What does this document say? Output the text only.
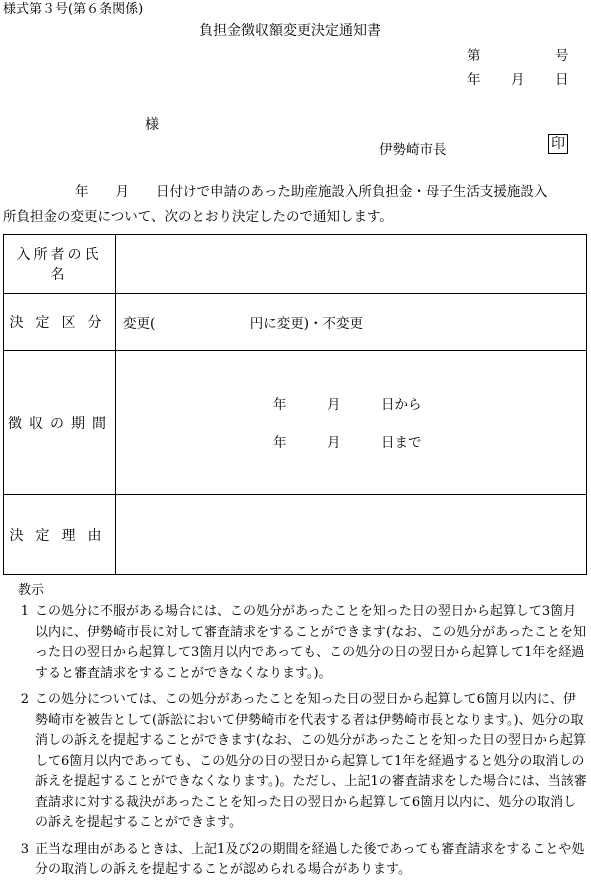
様式第３号(第６条関係)
負担金徴収額変更決定通知書
第	号
年 月 日
様
伊勢崎市長	印

年　　月　　日付けで申請のあった助産施設入所負担金・母子生活支援施設入

所負担金の変更について、次のとおり決定したので通知します。

入所者の氏名	

決定区分	変更(　　　　　　　円に変更)・不変更

徴収の期間	年　　　月　　　日から
年　　　月　　　日まで

決定理由	

教示
1 この処分に不服がある場合には、この処分があったことを知った日の翌日から起算して3箇月以内に、伊勢崎市長に対して審査請求をすることができます(なお、この処分があったことを知った日の翌日から起算して3箇月以内であっても、この処分の日の翌日から起算して1年を経過すると審査請求をすることができなくなります。)。
2 この処分については、この処分があったことを知った日の翌日から起算して6箇月以内に、伊勢崎市を被告として(訴訟において伊勢崎市を代表する者は伊勢崎市長となります。)、処分の取消しの訴えを提起することができます(なお、この処分があったことを知った日の翌日から起算して6箇月以内であっても、この処分の日の翌日から起算して1年を経過すると処分の取消しの訴えを提起することができなくなります。)。ただし、上記1の審査請求をした場合には、当該審査請求に対する裁決があったことを知った日の翌日から起算して6箇月以内に、処分の取消しの訴えを提起することができます。
3 正当な理由があるときは、上記1及び2の期間を経過した後であっても審査請求をすることや処分の取消しの訴えを提起することが認められる場合があります。
